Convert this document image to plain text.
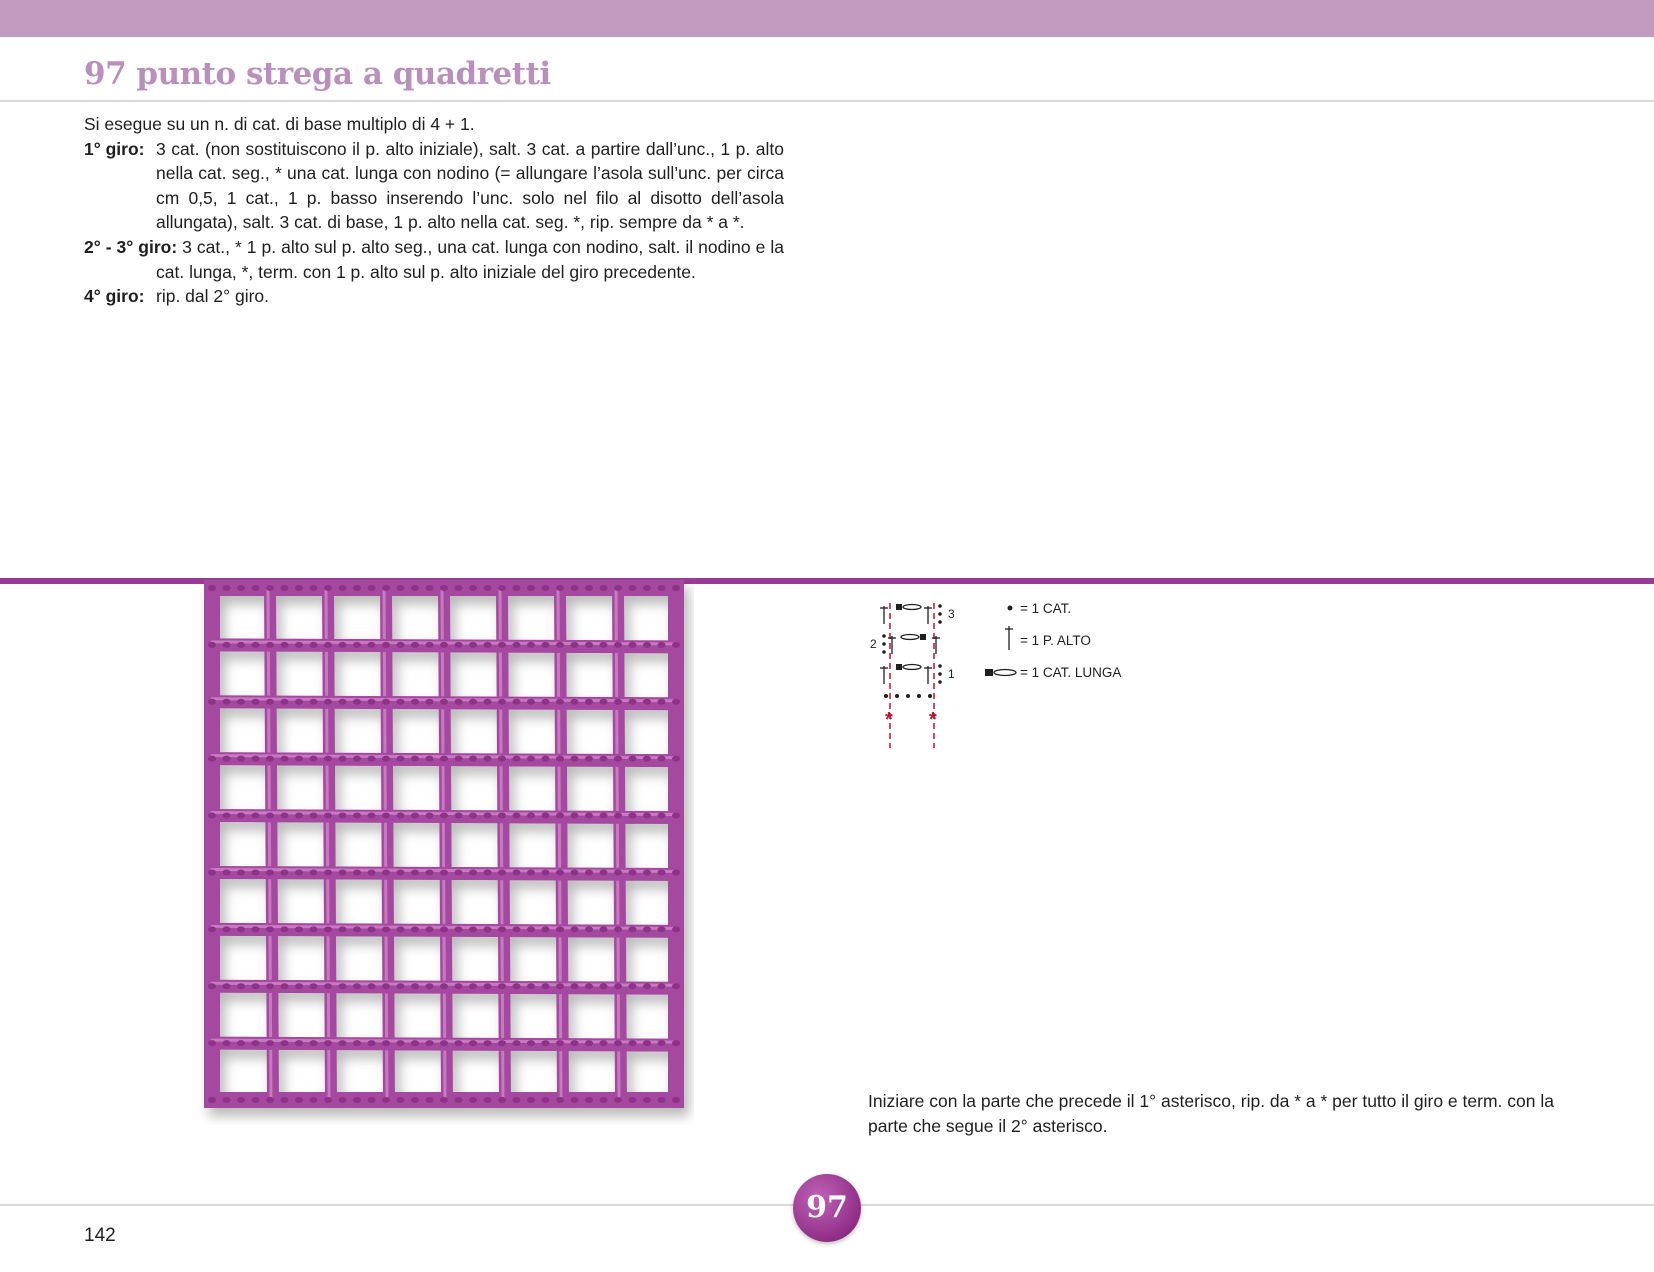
97 punto strega a quadretti

Si esegue su un n. di cat. di base multiplo di 4 + 1.

1° giro: 3 cat. (non sostituiscono il p. alto iniziale), salt. 3 cat. a partire dall’unc., 1 p. alto nella cat. seg., * una cat. lunga con nodino (= allungare l’asola sull’unc. per circa cm 0,5, 1 cat., 1 p. basso inserendo l’unc. solo nel filo al disotto dell’asola allungata), salt. 3 cat. di base, 1 p. alto nella cat. seg. *, rip. sempre da * a *.
2° - 3° giro: 3 cat., * 1 p. alto sul p. alto seg., una cat. lunga con nodino, salt. il nodino e la cat. lunga, *, term. con 1 p. alto sul p. alto iniziale del giro precedente.
4° giro: rip. dal 2° giro.
3
2
1
* *
= 1 CAT.
= 1 P. ALTO
= 1 CAT. LUNGA
Iniziare con la parte che precede il 1° asterisco, rip. da * a * per tutto il giro e term. con la parte che segue il 2° asterisco.
142
97
